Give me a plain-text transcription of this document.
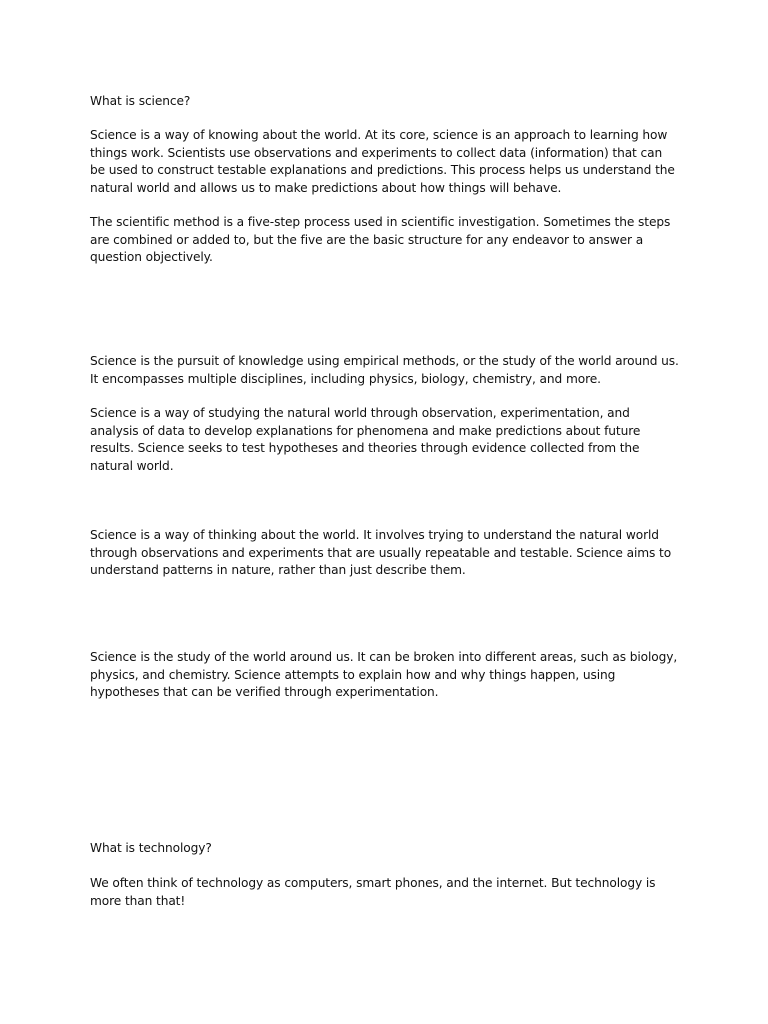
What is science?

Science is a way of knowing about the world. At its core, science is an approach to learning how things work. Scientists use observations and experiments to collect data (information) that can be used to construct testable explanations and predictions. This process helps us understand the natural world and allows us to make predictions about how things will behave.

The scientific method is a five-step process used in scientific investigation. Sometimes the steps are combined or added to, but the five are the basic structure for any endeavor to answer a question objectively.

Science is the pursuit of knowledge using empirical methods, or the study of the world around us. It encompasses multiple disciplines, including physics, biology, chemistry, and more.

Science is a way of studying the natural world through observation, experimentation, and analysis of data to develop explanations for phenomena and make predictions about future results. Science seeks to test hypotheses and theories through evidence collected from the natural world.

Science is a way of thinking about the world. It involves trying to understand the natural world through observations and experiments that are usually repeatable and testable. Science aims to understand patterns in nature, rather than just describe them.

Science is the study of the world around us. It can be broken into different areas, such as biology, physics, and chemistry. Science attempts to explain how and why things happen, using hypotheses that can be verified through experimentation.

What is technology?

We often think of technology as computers, smart phones, and the internet. But technology is more than that!
